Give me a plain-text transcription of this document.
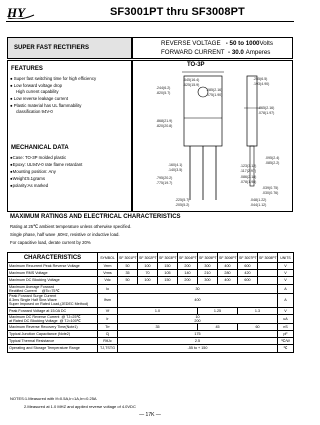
HY	SF3001PT thru SF3008PT
SUPER FAST RECTIFIERS
REVERSE VOLTAGE - 50 to 1000Volts
FORWARD CURRENT - 30.0 Amperes
FEATURES
● Super fast switching time for high efficiency
● Low forward voltage drop
High current capability
● Low reverse leakage current
● Plastic material has UL flammability
classification 94V-0
MECHANICAL DATA
●Case: TO-3P molded plastic
●Epoxy: UL94V-0 rate flame retardant
●Mounting position: Any
●Weight:5.1grams
●polarity:As marked
TO-3P
.645(16.4)
.625(15.9)
.255(6.5)
.193(4.90)
.244(6.2)
.820(5.7)
.085(2.16)
.075(1.90)
.865(2.16)
.078(1.97)
.868(21.9)
.820(20.8)
.160(4.1)
.140(3.5)
.795(20.2)
.775(19.7)
.095(2.4)
.085(2.2)
.123(3.12)
.117(2.97)
.086(2.18)
.078(1.98)
.225(5.7)
.205(5.2)
.039(0.75)
.030(0.76)
.048(1.22)
.044(1.12)
MAXIMUM RATINGS AND ELECTRICAL CHARACTERISTICS
Rating at 25℃ ambient temperature unless otherwise specified.
Single phase, half wave ,60Hz, resistive or inductive load.
For capacitive load, derate current by 20%
CHARACTERISTICS	SYMBOL	SF 3001PT	SF 3002PT	SF 3003PT	SF 3004PT	SF 3005PT	SF 3006PT	SF 3007PT	SF 3008PT	UNITS
Maximum Recurrent Peak Reverse Voltage	Vrrm	50	100	150	200	300	400	600		V
Maximum RMS Voltage	Vrms	35	70	105	140	210	280	420		V
Maximum DC Blocking Voltage	Vdc	50	100	150	200	300	400	600		V
Maximum Average Forward
Rectified Current @Tc=75℃	Io	30								A
Peak Forward Surge Current
8.3ms Single Half Sine-Wave
Super Imposed on Rated Load,(JEDEC Method)	Ifsm	400								A
Peak Forward Voltage at 15.0A DC	Vf	1.0				1.25		1.3		V
Maximum DC Reverse Current @ TJ=25℃
at Rated DC Blocking Voltage @ TJ=100℃	Ir	10
200								uA
Maximum Reverse Recovery Time(Note1)	Trr	35				45		60		nS
Typical Junction Capacitance (Note2)	Cj	175								pF
Typical Thermal Resistance	RθJc	2.5								℃/W
Operating and Storage Temperature Range	TJ,TSTG	-55 to + 150								℃
NOTES:1.Measured with If=0.5A,Ir=1A,Irr=0.25A
2.Measured at 1.0 MHZ and applied reverse voltage of 4.0VDC
— 17K —
